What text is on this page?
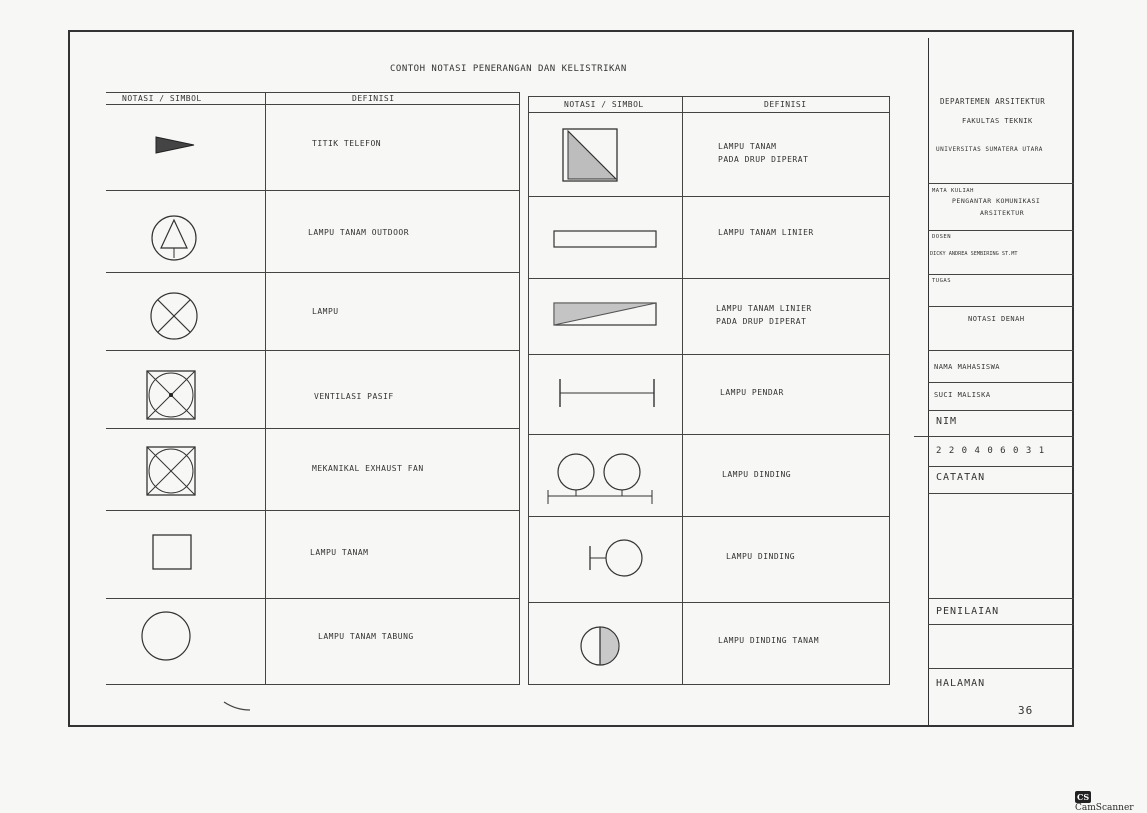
CONTOH NOTASI PENERANGAN DAN KELISTRIKAN
NOTASI / SIMBOL	DEFINISI
TITIK TELEFON
LAMPU TANAM OUTDOOR
LAMPU
VENTILASI PASIF
MEKANIKAL EXHAUST FAN
LAMPU TANAM
LAMPU TANAM TABUNG
NOTASI / SIMBOL	DEFINISI
LAMPU TANAM
PADA DRUP DIPERAT
LAMPU TANAM LINIER
LAMPU TANAM LINIER
PADA DRUP DIPERAT
LAMPU PENDAR
LAMPU DINDING
LAMPU DINDING
LAMPU DINDING TANAM
DEPARTEMEN ARSITEKTUR
FAKULTAS TEKNIK
UNIVERSITAS SUMATERA UTARA
MATA KULIAH
PENGANTAR KOMUNIKASI
ARSITEKTUR
DOSEN
DICKY ANDREA SEMBIRING ST.MT
TUGAS
NOTASI DENAH
NAMA MAHASISWA
SUCI MALISKA
NIM
2 2 0 4 0 6 0 3 1
CATATAN
PENILAIAN
HALAMAN
36
CSCamScanner
